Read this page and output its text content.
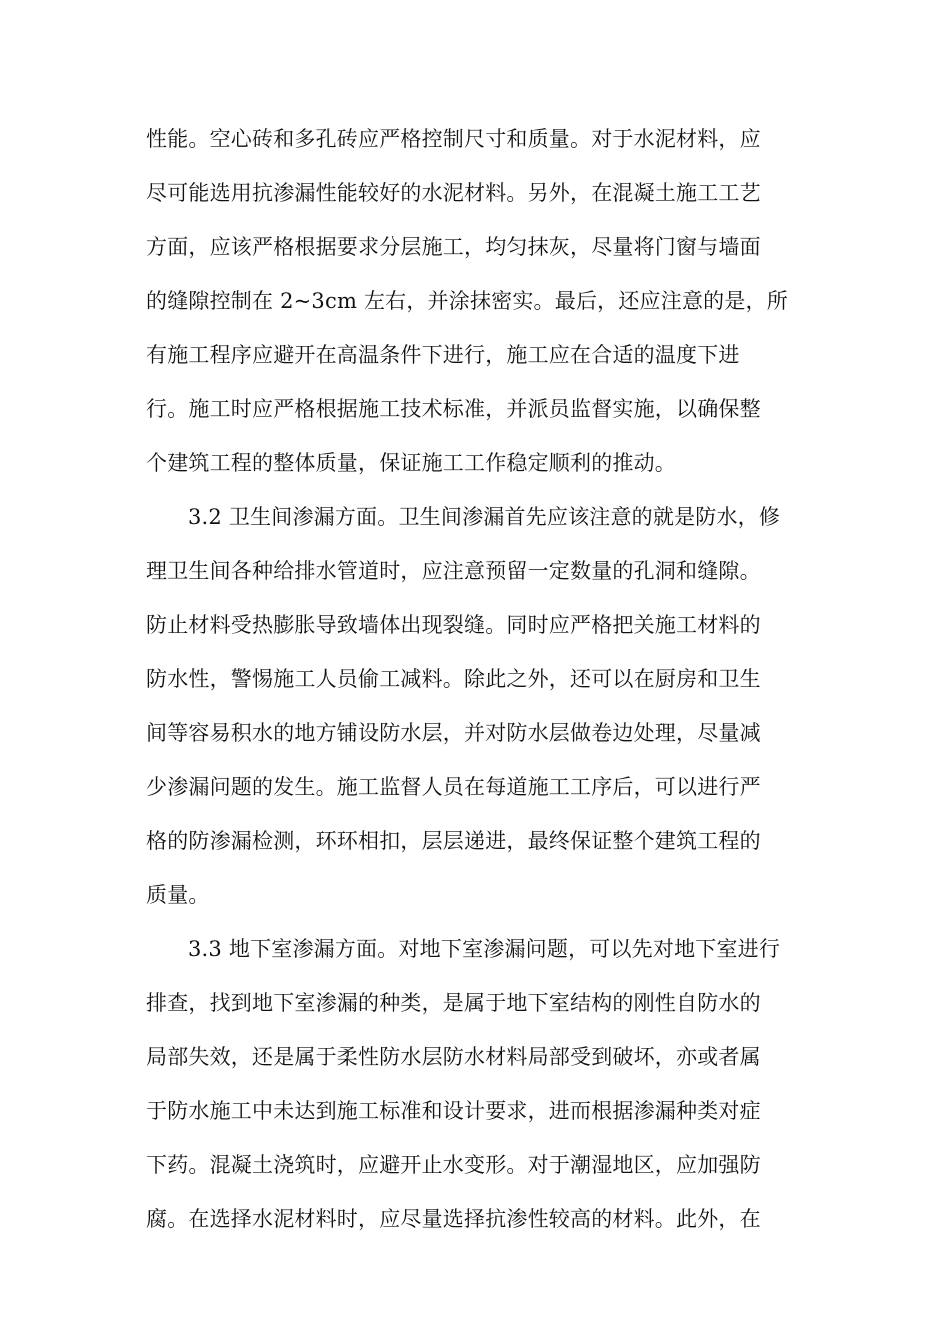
性能。空心砖和多孔砖应严格控制尺寸和质量。对于水泥材料，应
尽可能选用抗渗漏性能较好的水泥材料。另外，在混凝土施工工艺
方面，应该严格根据要求分层施工，均匀抹灰，尽量将门窗与墙面
的缝隙控制在 2~3cm 左右，并涂抹密实。最后，还应注意的是，所
有施工程序应避开在高温条件下进行，施工应在合适的温度下进
行。施工时应严格根据施工技术标准，并派员监督实施，以确保整
个建筑工程的整体质量，保证施工工作稳定顺利的推动。
3.2 卫生间渗漏方面。卫生间渗漏首先应该注意的就是防水，修
理卫生间各种给排水管道时，应注意预留一定数量的孔洞和缝隙。
防止材料受热膨胀导致墙体出现裂缝。同时应严格把关施工材料的
防水性，警惕施工人员偷工减料。除此之外，还可以在厨房和卫生
间等容易积水的地方铺设防水层，并对防水层做卷边处理，尽量减
少渗漏问题的发生。施工监督人员在每道施工工序后，可以进行严
格的防渗漏检测，环环相扣，层层递进，最终保证整个建筑工程的
质量。
3.3 地下室渗漏方面。对地下室渗漏问题，可以先对地下室进行
排查，找到地下室渗漏的种类，是属于地下室结构的刚性自防水的
局部失效，还是属于柔性防水层防水材料局部受到破坏，亦或者属
于防水施工中未达到施工标准和设计要求，进而根据渗漏种类对症
下药。混凝土浇筑时，应避开止水变形。对于潮湿地区，应加强防
腐。在选择水泥材料时，应尽量选择抗渗性较高的材料。此外，在
